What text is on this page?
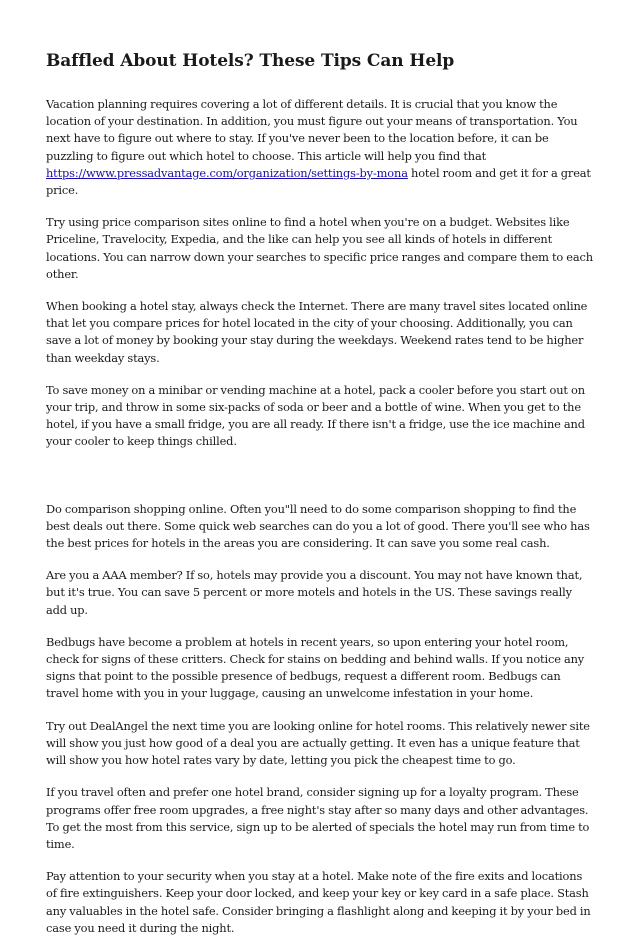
Baffled About Hotels? These Tips Can Help

Vacation planning requires covering a lot of different details. It is crucial that you know the location of your destination. In addition, you must figure out your means of transportation. You next have to figure out where to stay. If you've never been to the location before, it can be puzzling to figure out which hotel to choose. This article will help you find that https://www.pressadvantage.com/organization/settings-by-mona hotel room and get it for a great price.

Try using price comparison sites online to find a hotel when you're on a budget. Websites like Priceline, Travelocity, Expedia, and the like can help you see all kinds of hotels in different locations. You can narrow down your searches to specific price ranges and compare them to each other.

When booking a hotel stay, always check the Internet. There are many travel sites located online that let you compare prices for hotel located in the city of your choosing. Additionally, you can save a lot of money by booking your stay during the weekdays. Weekend rates tend to be higher than weekday stays.

To save money on a minibar or vending machine at a hotel, pack a cooler before you start out on your trip, and throw in some six-packs of soda or beer and a bottle of wine. When you get to the hotel, if you have a small fridge, you are all ready. If there isn't a fridge, use the ice machine and your cooler to keep things chilled.

Do comparison shopping online. Often you"ll need to do some comparison shopping to find the best deals out there. Some quick web searches can do you a lot of good. There you'll see who has the best prices for hotels in the areas you are considering. It can save you some real cash.

Are you a AAA member? If so, hotels may provide you a discount. You may not have known that, but it's true. You can save 5 percent or more motels and hotels in the US. These savings really add up.

Bedbugs have become a problem at hotels in recent years, so upon entering your hotel room, check for signs of these critters. Check for stains on bedding and behind walls. If you notice any signs that point to the possible presence of bedbugs, request a different room. Bedbugs can travel home with you in your luggage, causing an unwelcome infestation in your home.

Try out DealAngel the next time you are looking online for hotel rooms. This relatively newer site will show you just how good of a deal you are actually getting. It even has a unique feature that will show you how hotel rates vary by date, letting you pick the cheapest time to go.

If you travel often and prefer one hotel brand, consider signing up for a loyalty program. These programs offer free room upgrades, a free night's stay after so many days and other advantages. To get the most from this service, sign up to be alerted of specials the hotel may run from time to time.

Pay attention to your security when you stay at a hotel. Make note of the fire exits and locations of fire extinguishers. Keep your door locked, and keep your key or key card in a safe place. Stash any valuables in the hotel safe. Consider bringing a flashlight along and keeping it by your bed in case you need it during the night.
